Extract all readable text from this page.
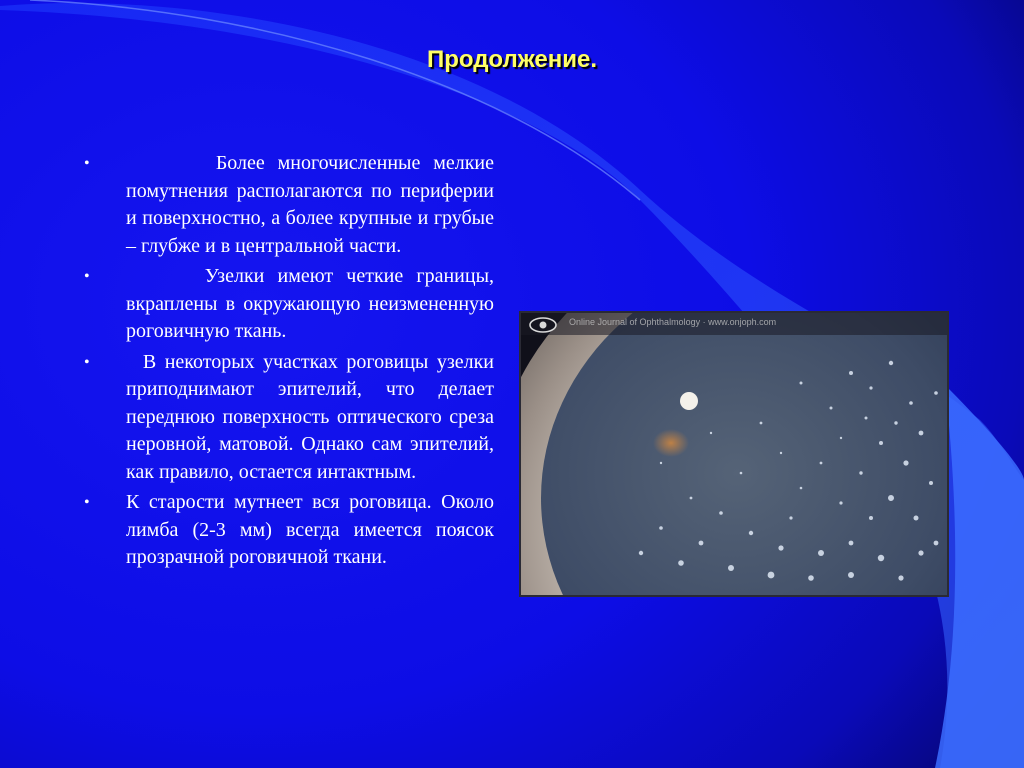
Продолжение.
•	Более многочисленные мелкие помутнения располагаются по периферии и поверхностно, а более крупные и грубые – глубже и в центральной части.
•	Узелки имеют четкие границы, вкраплены в окружающую неизмененную роговичную ткань.
•	В некоторых участках роговицы узелки приподнимают эпителий, что делает переднюю поверхность оптического среза неровной, матовой. Однако сам эпителий, как правило, остается интактным.
•	К старости мутнеет вся роговица. Около лимба (2-3 мм) всегда имеется поясок прозрачной роговичной ткани.
Online Journal of Ophthalmology · www.onjoph.com
